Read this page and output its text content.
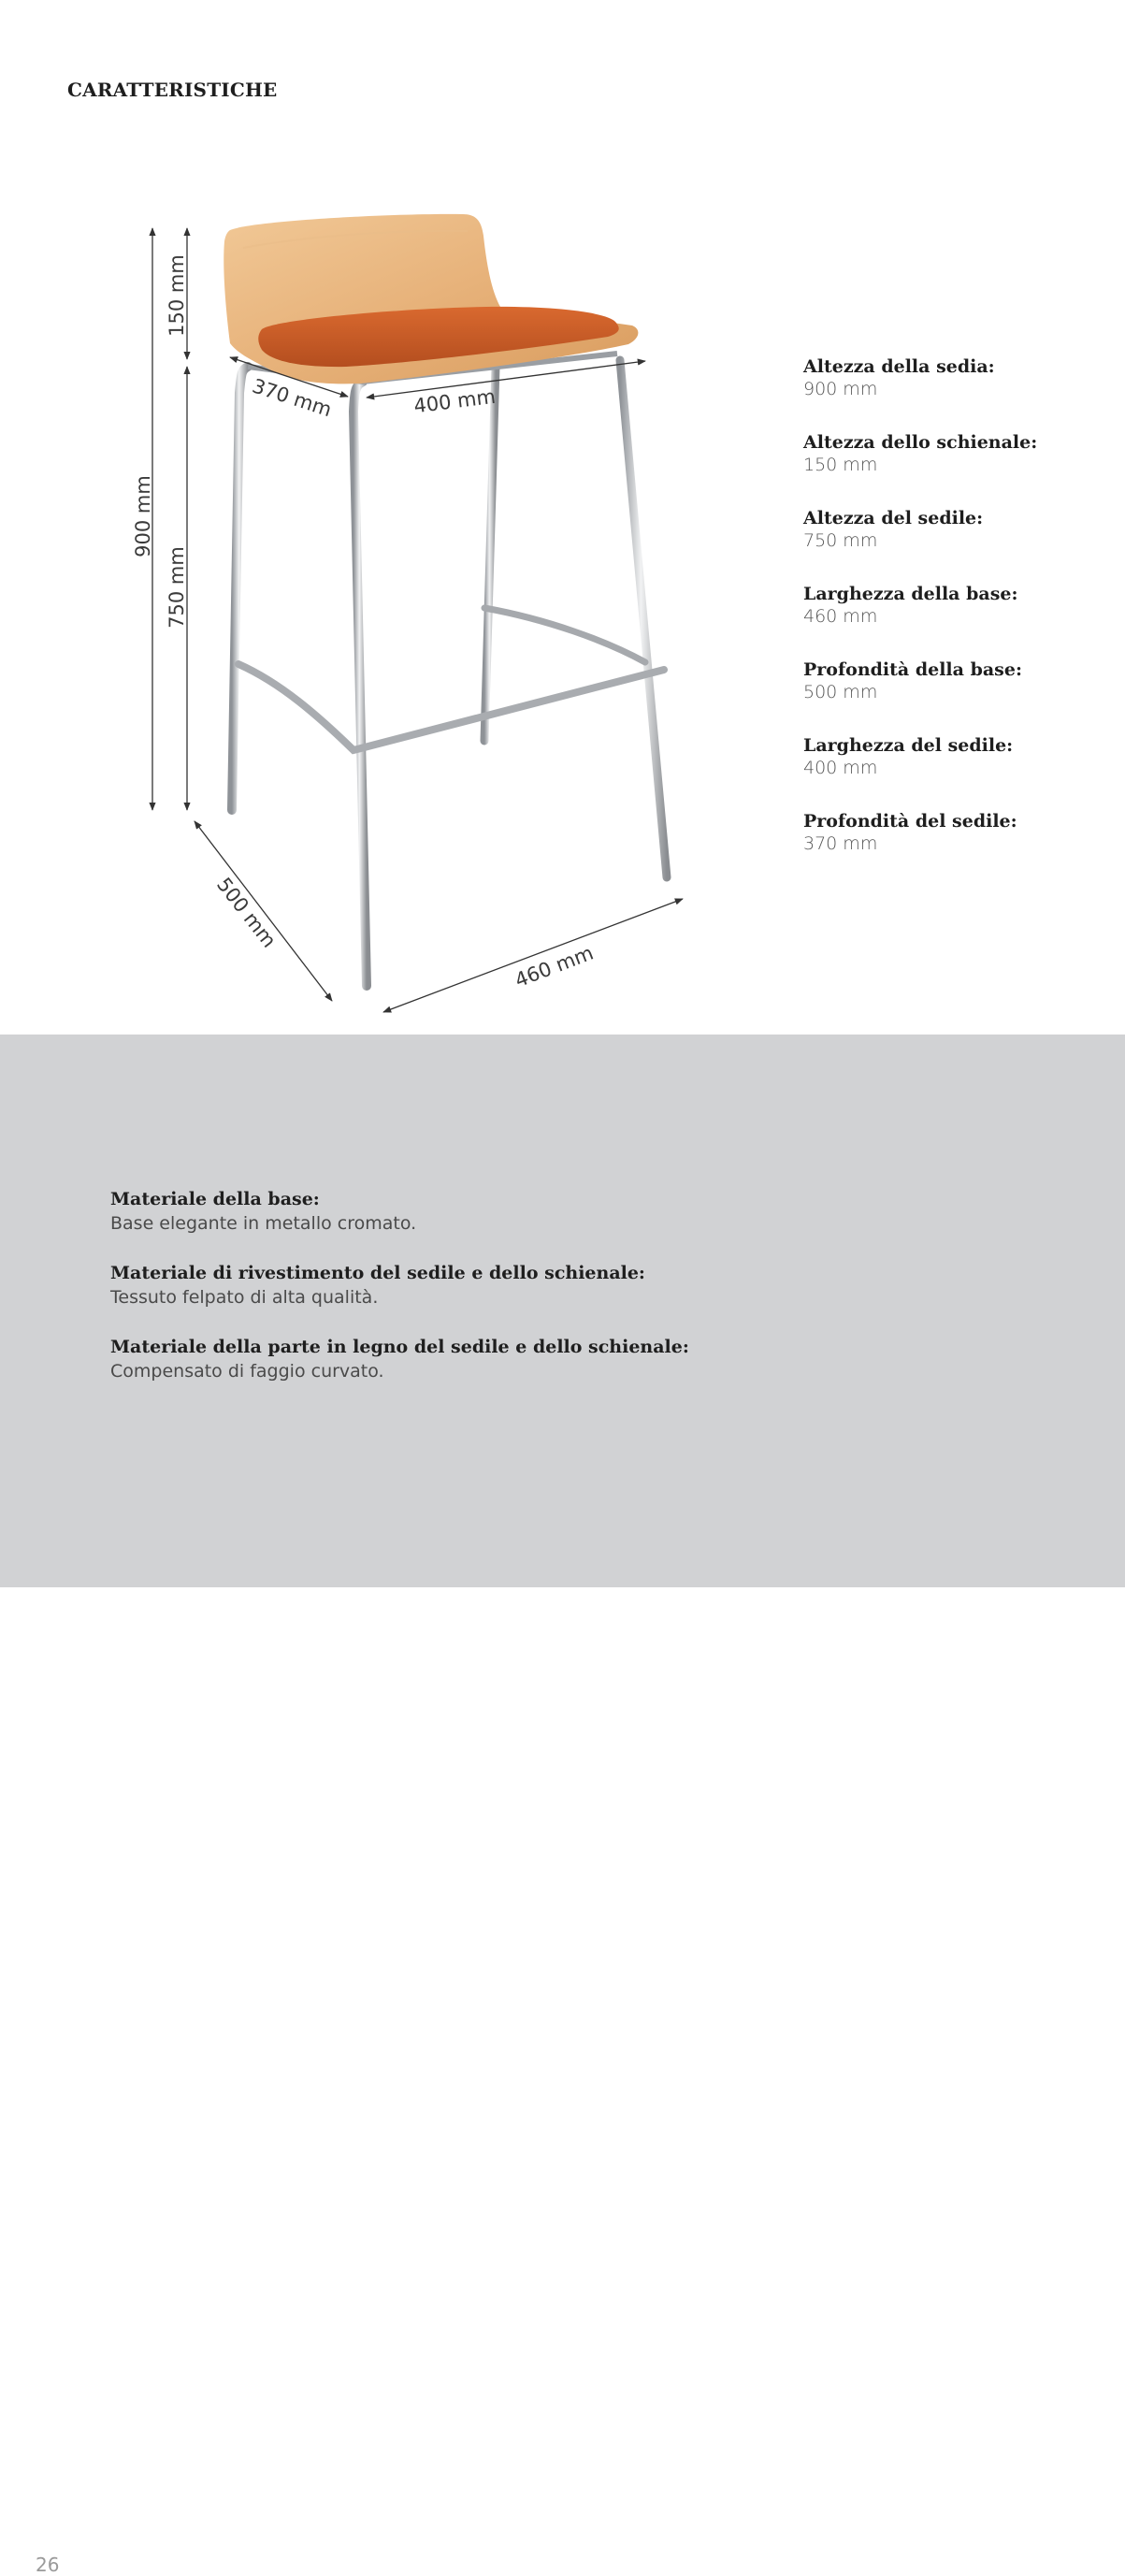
CARATTERISTICHE
900 mm
150 mm
750 mm
370 mm	400 mm
500 mm
460 mm
Altezza della sedia:
900 mm
Altezza dello schienale:
150 mm
Altezza del sedile:
750 mm
Larghezza della base:
460 mm
Profondità della base:
500 mm
Larghezza del sedile:
400 mm
Profondità del sedile:
370 mm
Materiale della base:
Base elegante in metallo cromato.
Materiale di rivestimento del sedile e dello schienale:
Tessuto felpato di alta qualità.
Materiale della parte in legno del sedile e dello schienale:
Compensato di faggio curvato.
26
